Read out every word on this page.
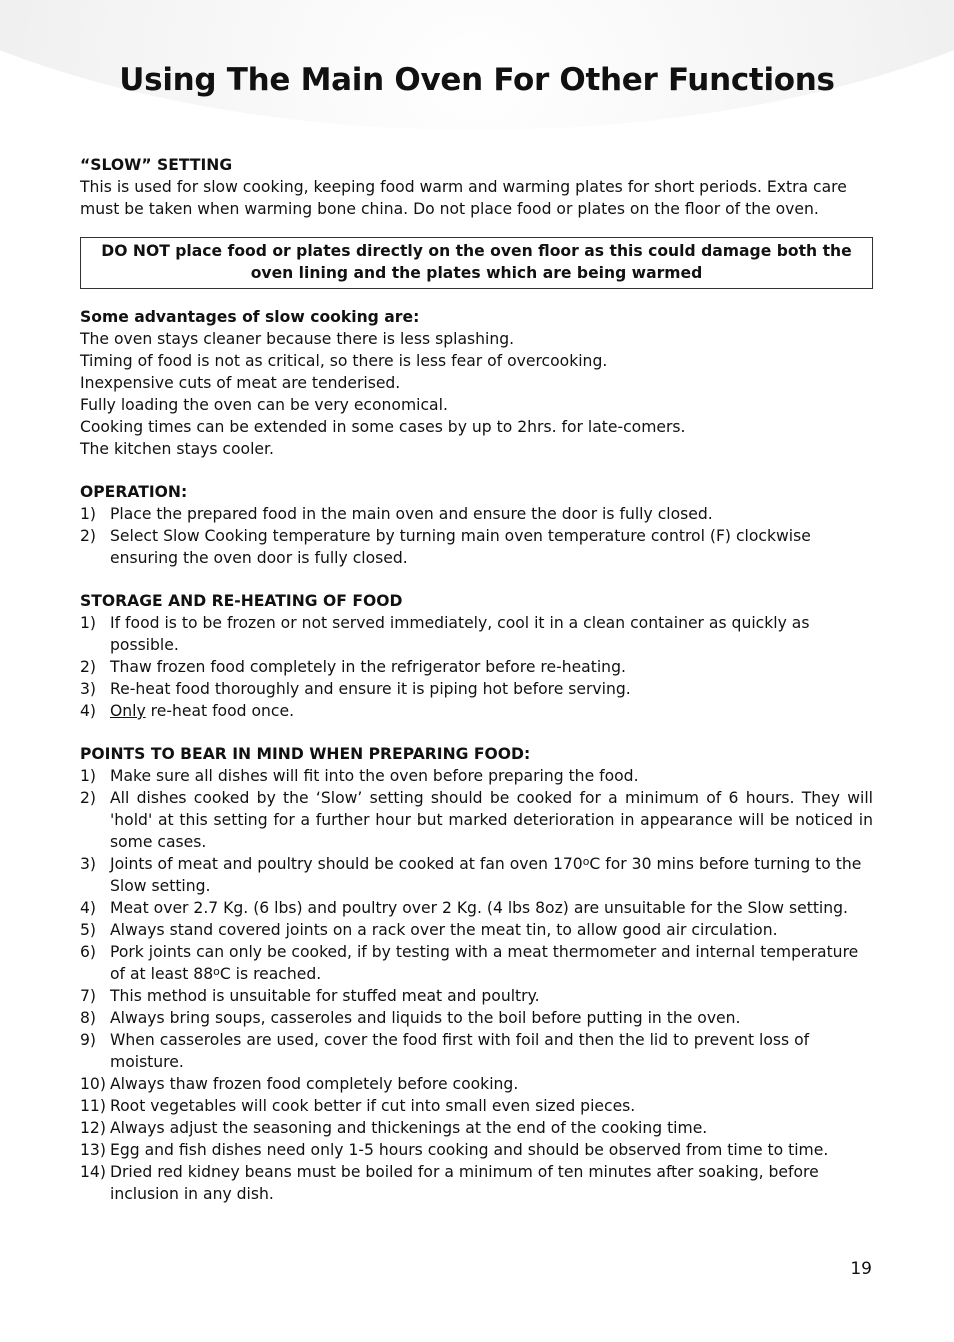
Using The Main Oven For Other Functions

“SLOW” SETTING

This is used for slow cooking, keeping food warm and warming plates for short periods. Extra care must be taken when warming bone china. Do not place food or plates on the floor of the oven.

DO NOT place food or plates directly on the oven floor as this could damage both the oven lining and the plates which are being warmed

Some advantages of slow cooking are:

The oven stays cleaner because there is less splashing.

Timing of food is not as critical, so there is less fear of overcooking.

Inexpensive cuts of meat are tenderised.

Fully loading the oven can be very economical.

Cooking times can be extended in some cases by up to 2hrs. for late-comers.

The kitchen stays cooler.

OPERATION:

1) Place the prepared food in the main oven and ensure the door is fully closed.
2) Select Slow Cooking temperature by turning main oven temperature control (F) clockwise ensuring the oven door is fully closed.

STORAGE AND RE-HEATING OF FOOD

1) If food is to be frozen or not served immediately, cool it in a clean container as quickly as possible.
2) Thaw frozen food completely in the refrigerator before re-heating.
3) Re-heat food thoroughly and ensure it is piping hot before serving.
4) Only re-heat food once.

POINTS TO BEAR IN MIND WHEN PREPARING FOOD:

1) Make sure all dishes will fit into the oven before preparing the food.
2) All dishes cooked by the ‘Slow’ setting should be cooked for a minimum of 6 hours. They will 'hold' at this setting for a further hour but marked deterioration in appearance will be noticed in some cases.
3) Joints of meat and poultry should be cooked at fan oven 170$^o$C for 30 mins before turning to the Slow setting.
4) Meat over 2.7 Kg. (6 lbs) and poultry over 2 Kg. (4 lbs 8oz) are unsuitable for the Slow setting.
5) Always stand covered joints on a rack over the meat tin, to allow good air circulation.
6) Pork joints can only be cooked, if by testing with a meat thermometer and internal temperature of at least 88$^o$C is reached.
7) This method is unsuitable for stuffed meat and poultry.
8) Always bring soups, casseroles and liquids to the boil before putting in the oven.
9) When casseroles are used, cover the food first with foil and then the lid to prevent loss of moisture.
10) Always thaw frozen food completely before cooking.
11) Root vegetables will cook better if cut into small even sized pieces.
12) Always adjust the seasoning and thickenings at the end of the cooking time.
13) Egg and fish dishes need only 1-5 hours cooking and should be observed from time to time.
14) Dried red kidney beans must be boiled for a minimum of ten minutes after soaking, before inclusion in any dish.
19
